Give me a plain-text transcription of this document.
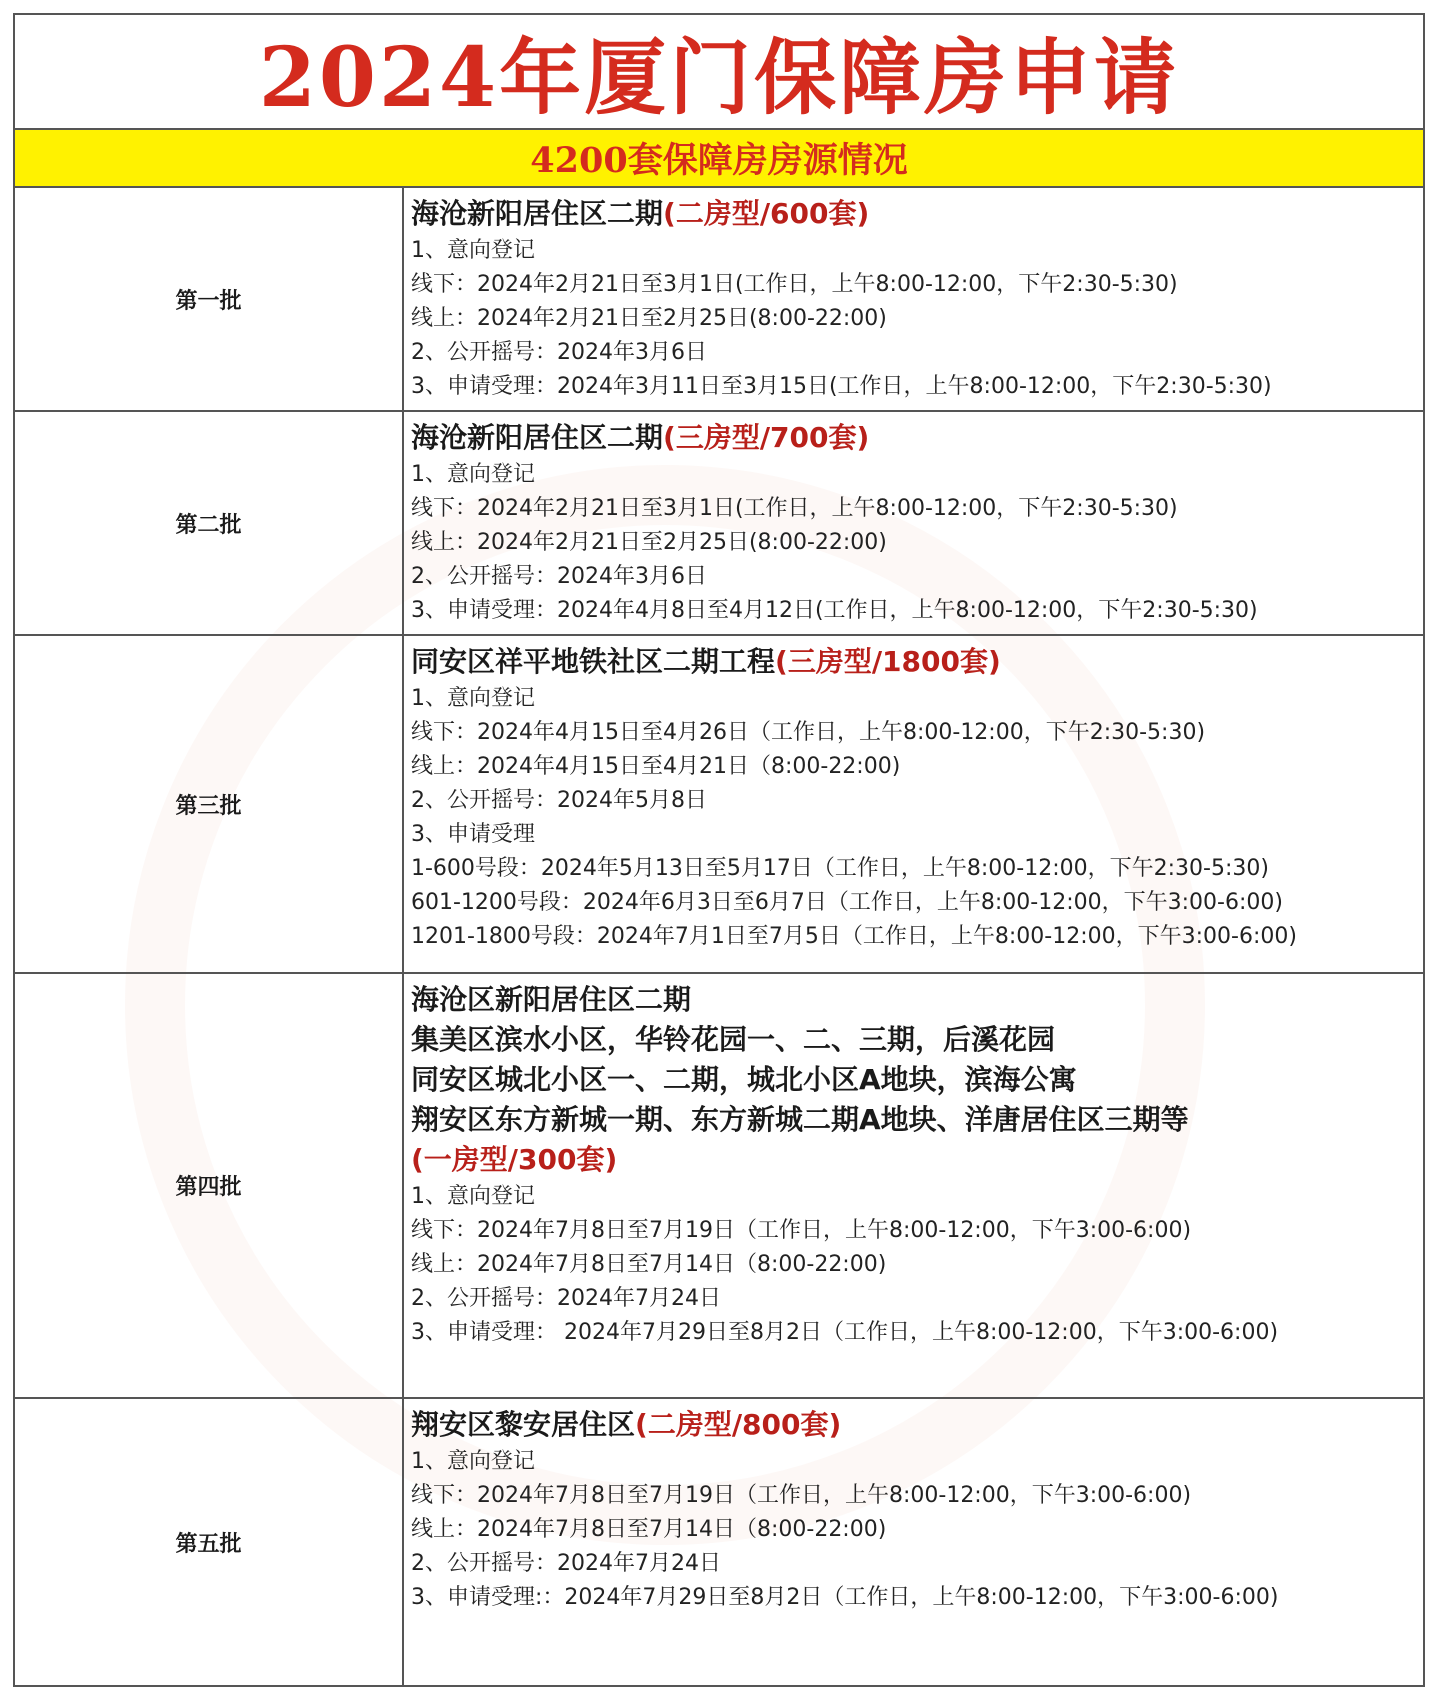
2024年厦门保障房申请
4200套保障房房源情况
第一批
海沧新阳居住区二期(二房型/600套)
1、意向登记
线下：2024年2月21日至3月1日(工作日，上午8:00-12:00，下午2:30-5:30)
线上：2024年2月21日至2月25日(8:00-22:00)
2、公开摇号：2024年3月6日
3、申请受理：2024年3月11日至3月15日(工作日，上午8:00-12:00，下午2:30-5:30)
第二批
海沧新阳居住区二期(三房型/700套)
1、意向登记
线下：2024年2月21日至3月1日(工作日，上午8:00-12:00，下午2:30-5:30)
线上：2024年2月21日至2月25日(8:00-22:00)
2、公开摇号：2024年3月6日
3、申请受理：2024年4月8日至4月12日(工作日，上午8:00-12:00，下午2:30-5:30)
第三批
同安区祥平地铁社区二期工程(三房型/1800套)
1、意向登记
线下：2024年4月15日至4月26日（工作日，上午8:00-12:00，下午2:30-5:30)
线上：2024年4月15日至4月21日（8:00-22:00)
2、公开摇号：2024年5月8日
3、申请受理
1-600号段：2024年5月13日至5月17日（工作日，上午8:00-12:00，下午2:30-5:30)
601-1200号段：2024年6月3日至6月7日（工作日，上午8:00-12:00，下午3:00-6:00)
1201-1800号段：2024年7月1日至7月5日（工作日，上午8:00-12:00，下午3:00-6:00)
第四批
海沧区新阳居住区二期
集美区滨水小区，华铃花园一、二、三期，后溪花园
同安区城北小区一、二期，城北小区A地块，滨海公寓
翔安区东方新城一期、东方新城二期A地块、洋唐居住区三期等
(一房型/300套)
1、意向登记
线下：2024年7月8日至7月19日（工作日，上午8:00-12:00，下午3:00-6:00)
线上：2024年7月8日至7月14日（8:00-22:00)
2、公开摇号：2024年7月24日
3、申请受理： 2024年7月29日至8月2日（工作日，上午8:00-12:00，下午3:00-6:00)
第五批
翔安区黎安居住区(二房型/800套)
1、意向登记
线下：2024年7月8日至7月19日（工作日，上午8:00-12:00，下午3:00-6:00)
线上：2024年7月8日至7月14日（8:00-22:00)
2、公开摇号：2024年7月24日
3、申请受理:：2024年7月29日至8月2日（工作日，上午8:00-12:00，下午3:00-6:00)
